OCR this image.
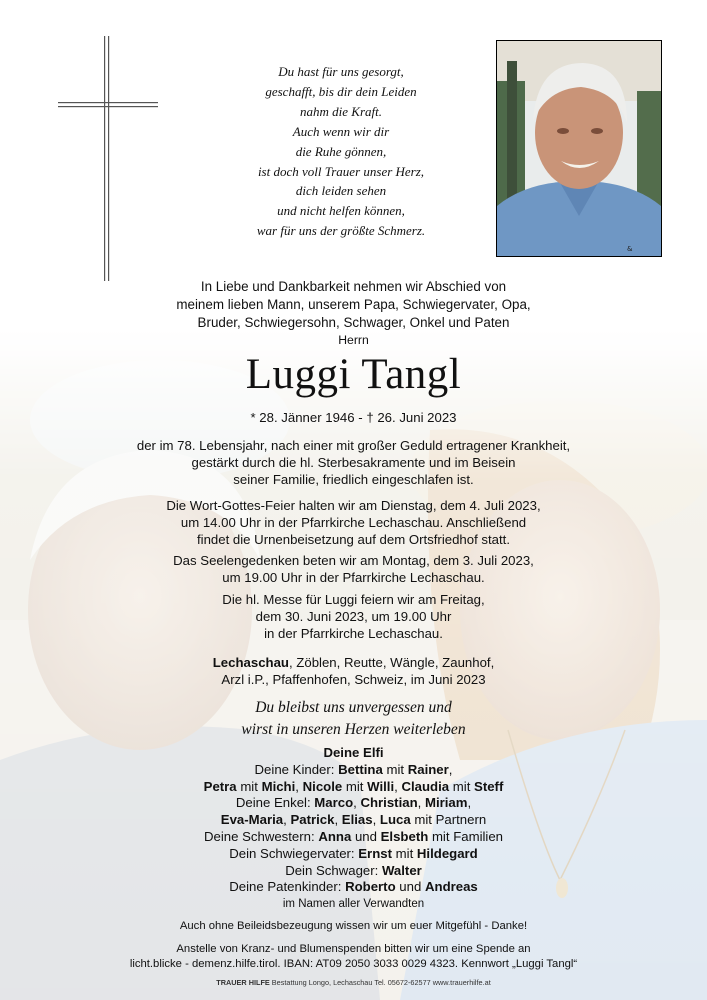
Du hast für uns gesorgt,
geschafft, bis dir dein Leiden
nahm die Kraft.
Auch wenn wir dir
die Ruhe gönnen,
ist doch voll Trauer unser Herz,
dich leiden sehen
und nicht helfen können,
war für uns der größte Schmerz.
&
In Liebe und Dankbarkeit nehmen wir Abschied von
meinem lieben Mann, unserem Papa, Schwiegervater, Opa,
Bruder, Schwiegersohn, Schwager, Onkel und Paten
Herrn
Luggi Tangl
* 28. Jänner 1946 - † 26. Juni 2023
der im 78. Lebensjahr, nach einer mit großer Geduld ertragener Krankheit,
gestärkt durch die hl. Sterbesakramente und im Beisein
seiner Familie, friedlich eingeschlafen ist.
Die Wort-Gottes-Feier halten wir am Dienstag, dem 4. Juli 2023,
um 14.00 Uhr in der Pfarrkirche Lechaschau. Anschließend
findet die Urnenbeisetzung auf dem Ortsfriedhof statt.
Das Seelengedenken beten wir am Montag, dem 3. Juli 2023,
um 19.00 Uhr in der Pfarrkirche Lechaschau.
Die hl. Messe für Luggi feiern wir am Freitag,
dem 30. Juni 2023, um 19.00 Uhr
in der Pfarrkirche Lechaschau.
Lechaschau, Zöblen, Reutte, Wängle, Zaunhof,
Arzl i.P., Pfaffenhofen, Schweiz, im Juni 2023
Du bleibst uns unvergessen und
wirst in unseren Herzen weiterleben
Deine Elfi
Deine Kinder: Bettina mit Rainer,
Petra mit Michi, Nicole mit Willi, Claudia mit Steff
Deine Enkel: Marco, Christian, Miriam,
Eva-Maria, Patrick, Elias, Luca mit Partnern
Deine Schwestern: Anna und Elsbeth mit Familien
Dein Schwiegervater: Ernst mit Hildegard
Dein Schwager: Walter
Deine Patenkinder: Roberto und Andreas
im Namen aller Verwandten
Auch ohne Beileidsbezeugung wissen wir um euer Mitgefühl - Danke!
Anstelle von Kranz- und Blumenspenden bitten wir um eine Spende an
licht.blicke - demenz.hilfe.tirol. IBAN: AT09 2050 3033 0029 4323. Kennwort „Luggi Tangl“
TRAUER HILFE Bestattung Longo, Lechaschau Tel. 05672-62577 www.trauerhilfe.at
